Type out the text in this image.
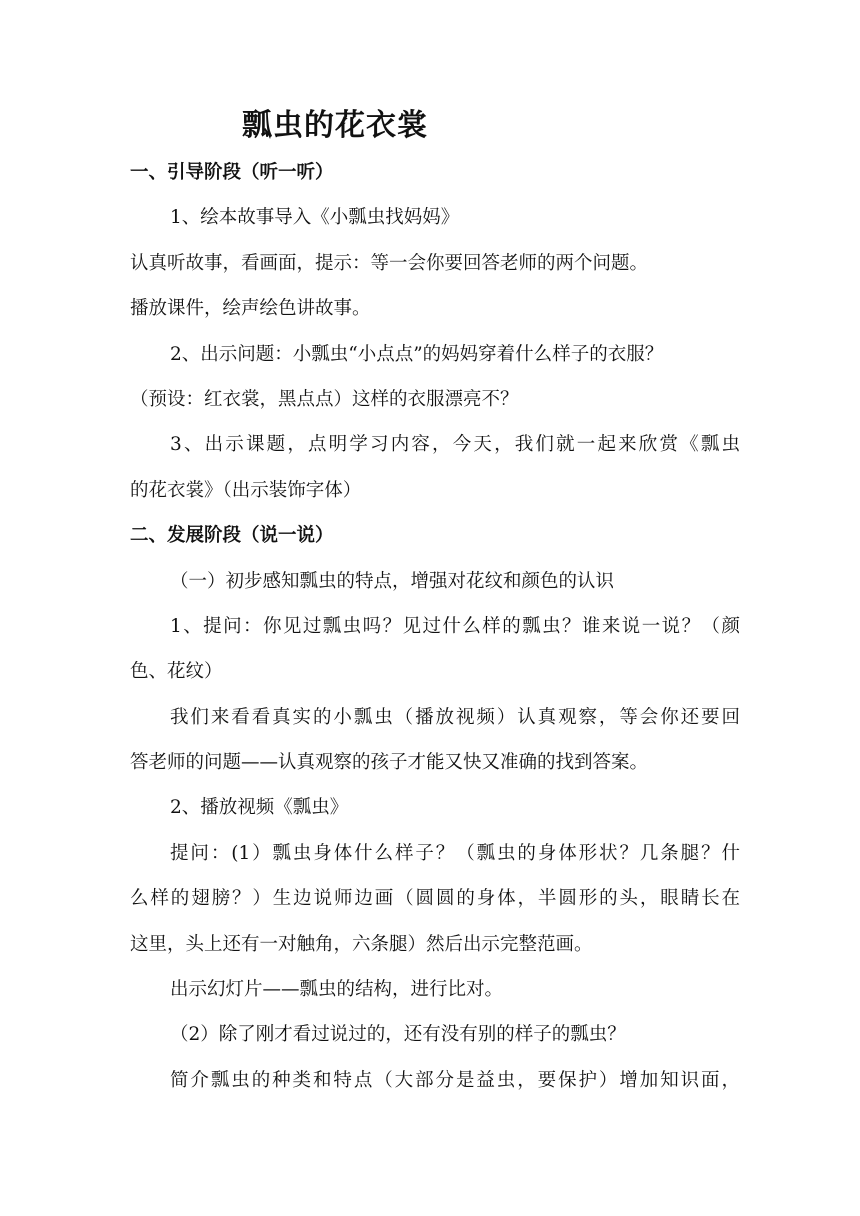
瓢虫的花衣裳
一、引导阶段（听一听）
1、绘本故事导入《小瓢虫找妈妈》
认真听故事，看画面，提示：等一会你要回答老师的两个问题。
播放课件，绘声绘色讲故事。
2、出示问题：小瓢虫“小点点”的妈妈穿着什么样子的衣服？
（预设：红衣裳，黑点点）这样的衣服漂亮不？
3、出示课题，点明学习内容，今天，我们就一起来欣赏《瓢虫
的花衣裳》（出示装饰字体）
二、发展阶段（说一说）
（一）初步感知瓢虫的特点，增强对花纹和颜色的认识
1、提问：你见过瓢虫吗？见过什么样的瓢虫？谁来说一说？（颜
色、花纹）
我们来看看真实的小瓢虫（播放视频）认真观察，等会你还要回
答老师的问题——认真观察的孩子才能又快又准确的找到答案。
2、播放视频《瓢虫》
提问：(1）瓢虫身体什么样子？（瓢虫的身体形状？几条腿？什
么样的翅膀？）生边说师边画（圆圆的身体，半圆形的头，眼睛长在
这里，头上还有一对触角，六条腿）然后出示完整范画。
出示幻灯片——瓢虫的结构，进行比对。
（2）除了刚才看过说过的，还有没有别的样子的瓢虫？
简介瓢虫的种类和特点（大部分是益虫，要保护）增加知识面，
